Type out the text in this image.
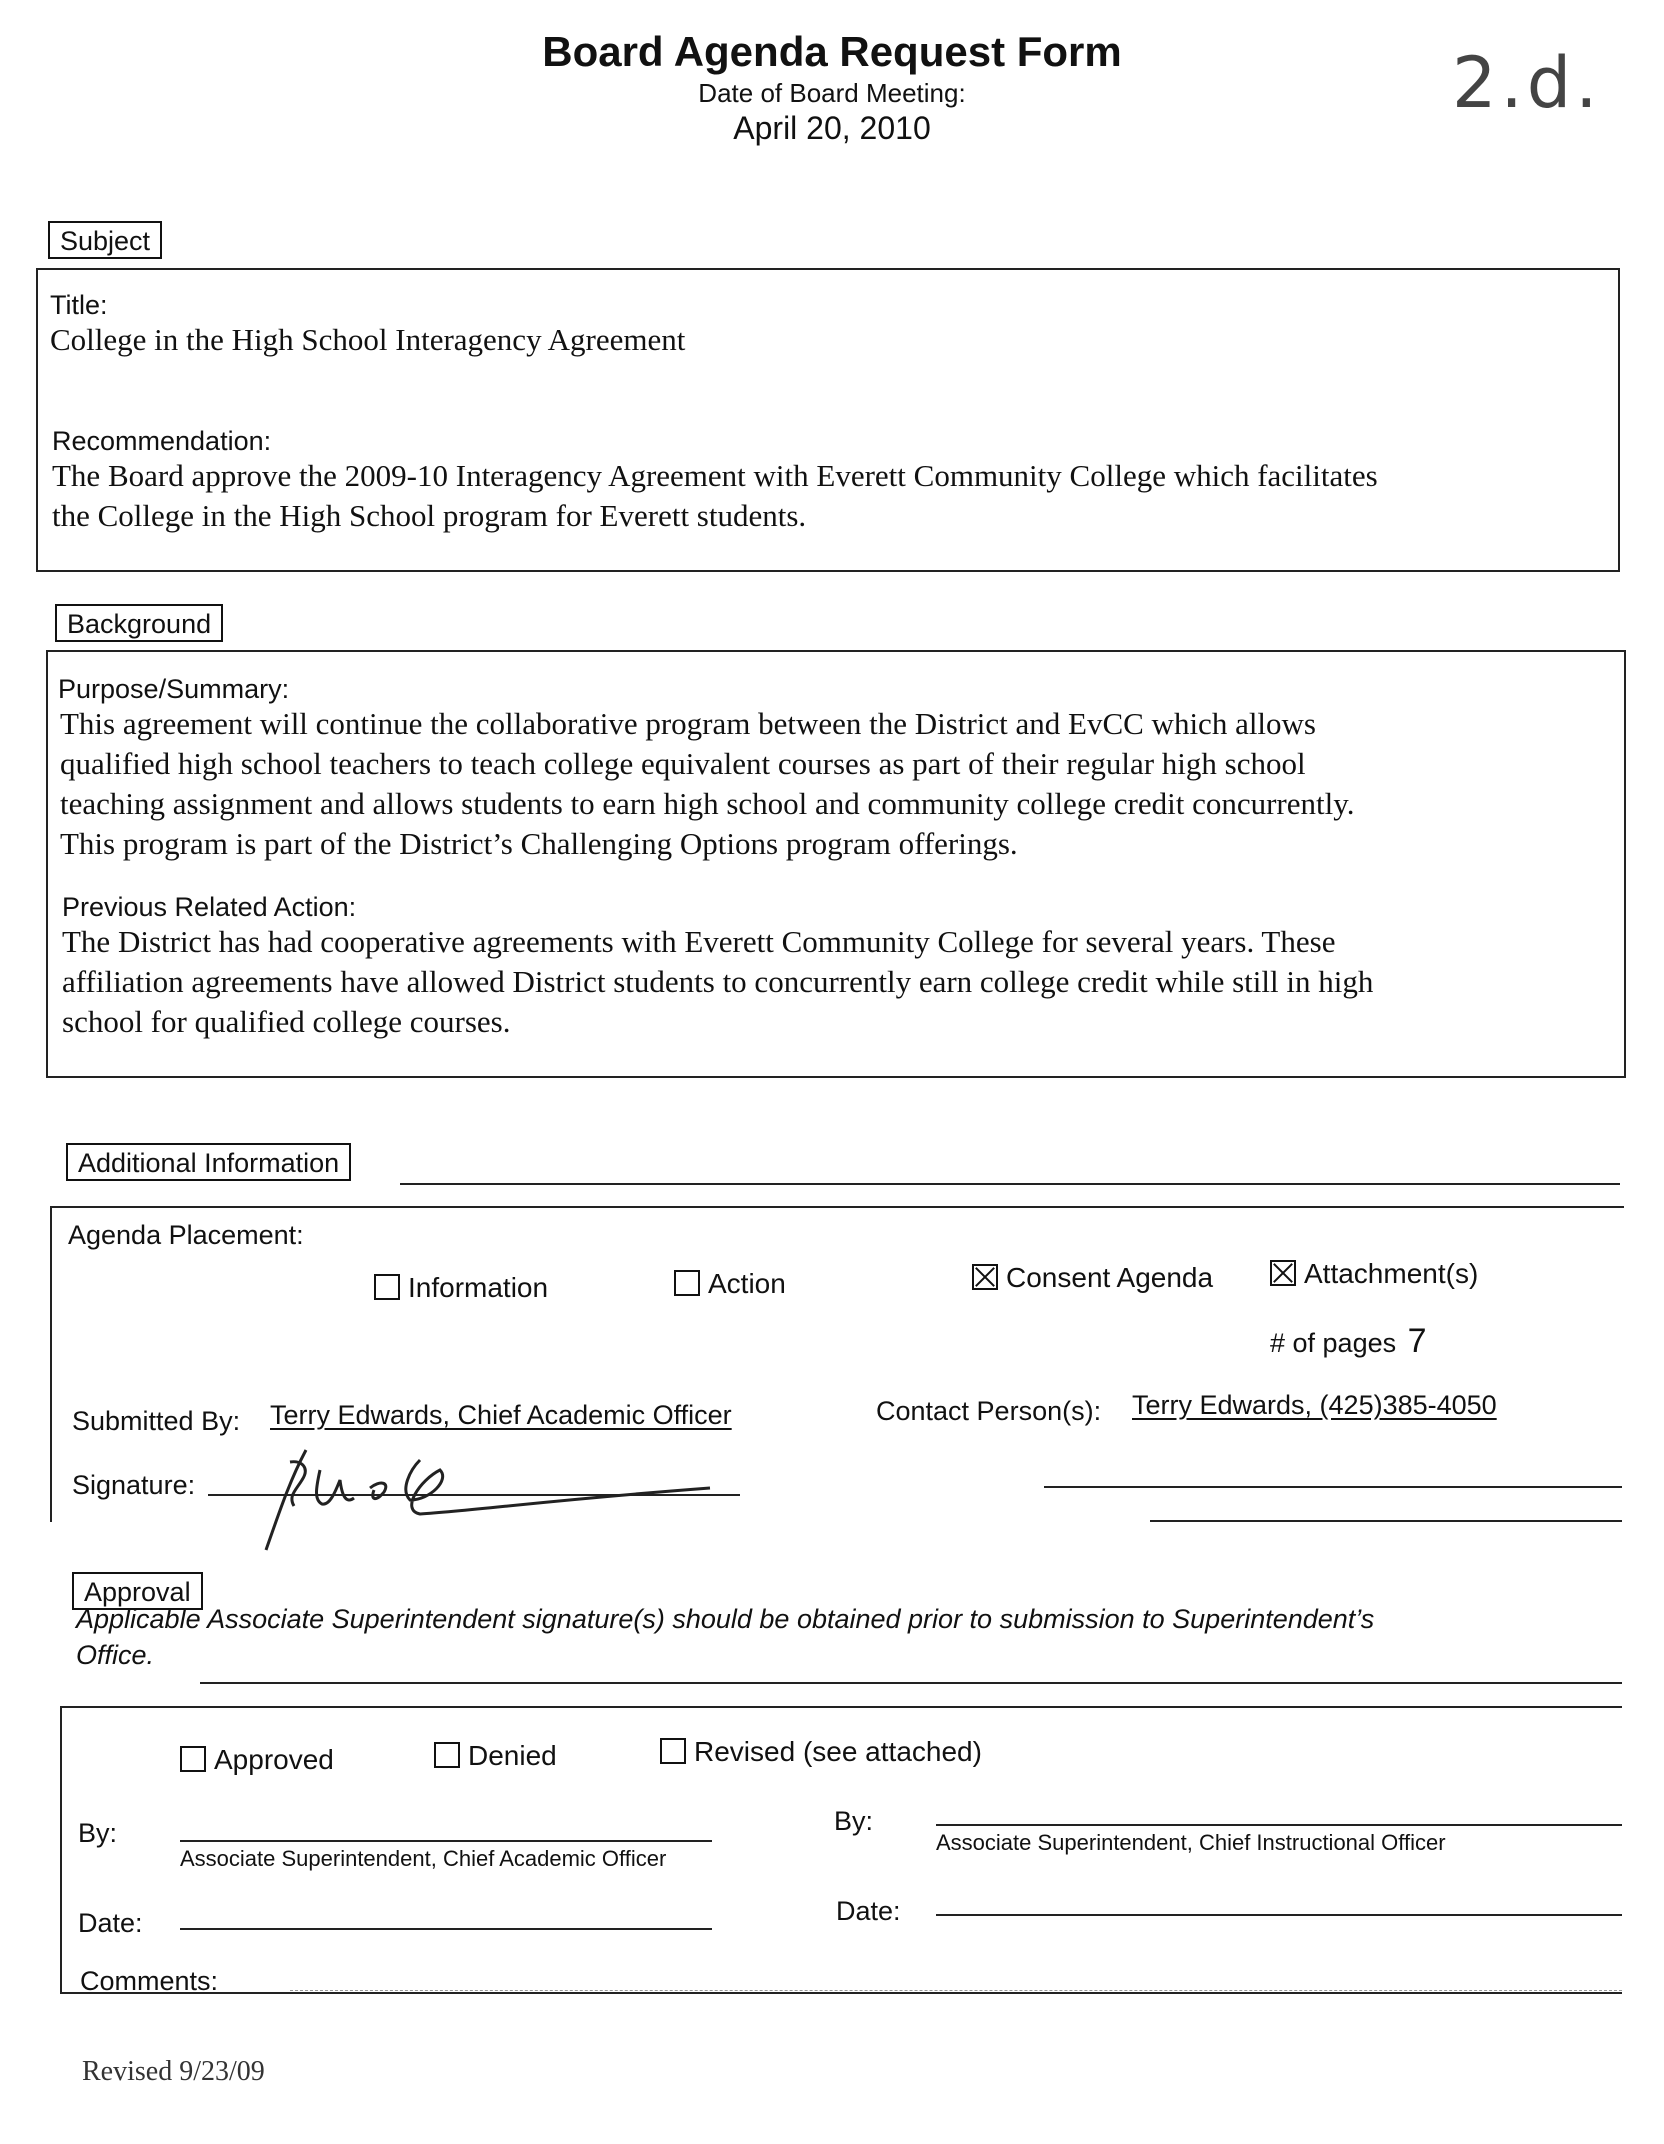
Board Agenda Request Form
Date of Board Meeting:
April 20, 2010
2.d.
Subject
Title:
College in the High School Interagency Agreement
Recommendation:
The Board approve the 2009-10 Interagency Agreement with Everett Community College which facilitates
the College in the High School program for Everett students.
Background
Purpose/Summary:
This agreement will continue the collaborative program between the District and EvCC which allows
qualified high school teachers to teach college equivalent courses as part of their regular high school
teaching assignment and allows students to earn high school and community college credit concurrently.
This program is part of the District’s Challenging Options program offerings.
Previous Related Action:
The District has had cooperative agreements with Everett Community College for several years. These
affiliation agreements have allowed District students to concurrently earn college credit while still in high
school for qualified college courses.
Additional Information
Agenda Placement:
Information	Action	Consent Agenda	Attachment(s)
# of pages 7
Submitted By: Terry Edwards, Chief Academic Officer	Contact Person(s): Terry Edwards, (425)385-4050
Signature:
Approval
Applicable Associate Superintendent signature(s) should be obtained prior to submission to Superintendent’s
Office.
Approved	Denied	Revised (see attached)
By:
Associate Superintendent, Chief Academic Officer
By:
Associate Superintendent, Chief Instructional Officer
Date:	Date:
Comments:
Revised 9/23/09
